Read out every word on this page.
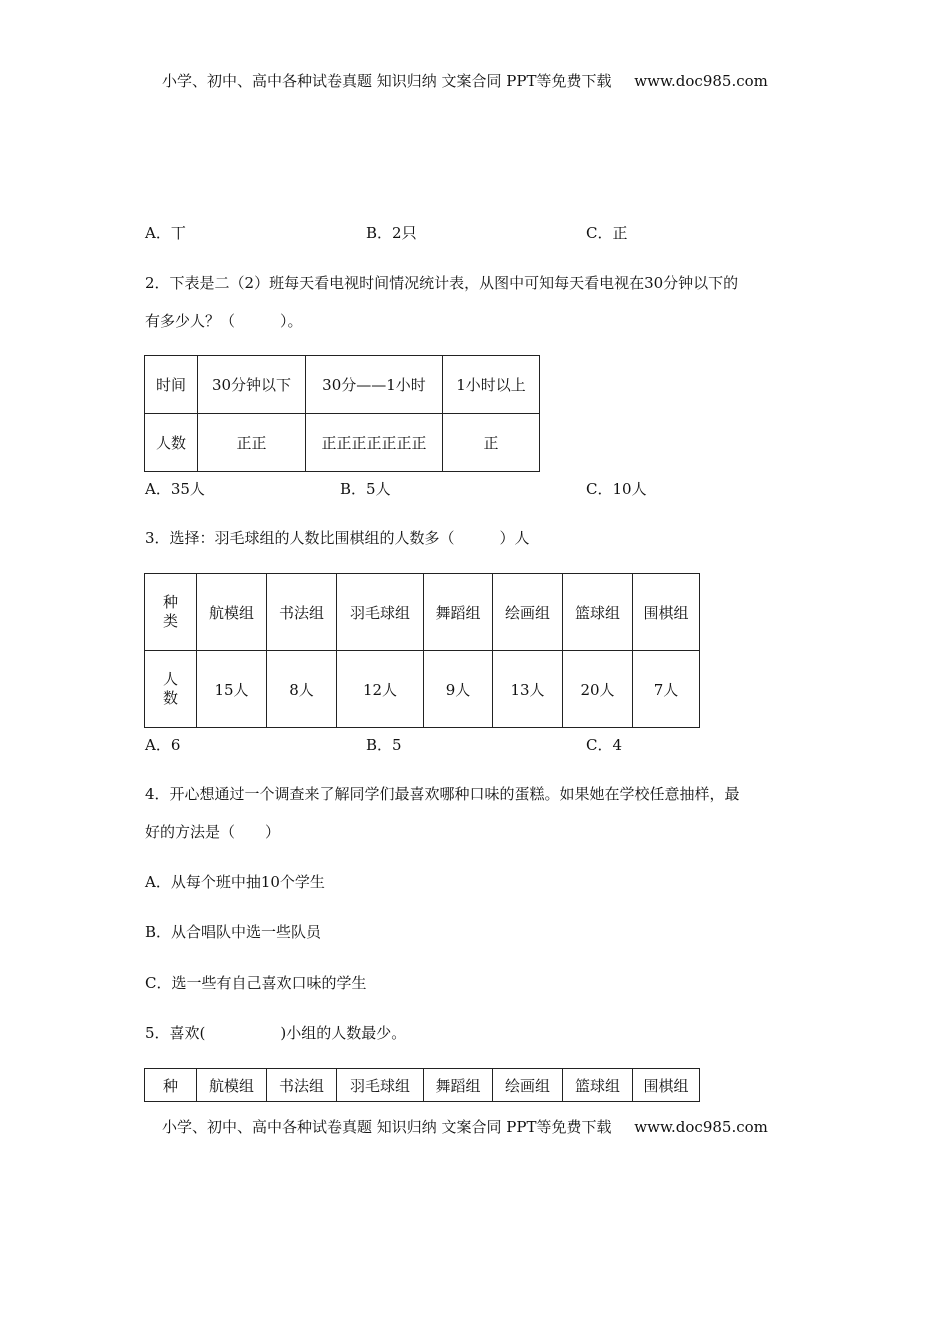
小学、初中、高中各种试卷真题 知识归纳 文案合同 PPT等免费下载 www.doc985.com
A．丅	B．2只	C．正
2．下表是二（2）班每天看电视时间情况统计表，从图中可知每天看电视在30分钟以下的
有多少人？（　　　）。
时间	30分钟以下	30分——1小时	1小时以上
人数	正正	正正正正正正正	正
A．35人	B．5人	C．10人
3．选择：羽毛球组的人数比围棋组的人数多（　　　）人
种
类	航模组	书法组	羽毛球组	舞蹈组	绘画组	篮球组	围棋组
人
数	15人	8人	12人	9人	13人	20人	7人
A．6	B．5	C．4
4．开心想通过一个调查来了解同学们最喜欢哪种口味的蛋糕。如果她在学校任意抽样，最
好的方法是（　　）
A．从每个班中抽10个学生
B．从合唱队中选一些队员
C．选一些有自己喜欢口味的学生
5．喜欢(　　　　　)小组的人数最少。
种	航模组	书法组	羽毛球组	舞蹈组	绘画组	篮球组	围棋组
小学、初中、高中各种试卷真题 知识归纳 文案合同 PPT等免费下载 www.doc985.com
